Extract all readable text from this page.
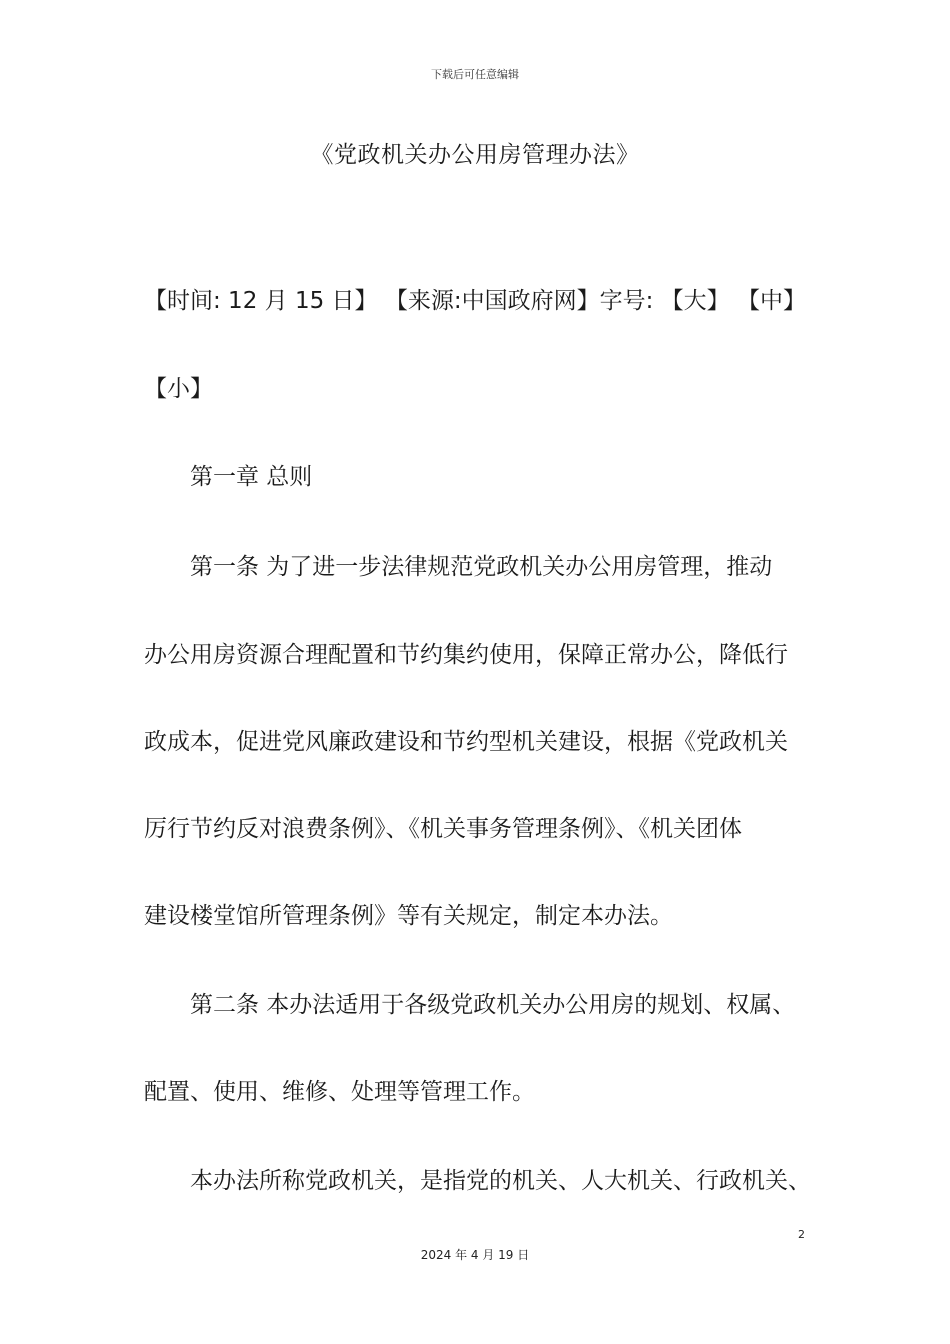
下载后可任意编辑
《党政机关办公用房管理办法》
【时间: 12 月 15 日】 【来源:中国政府网】字号: 【大】 【中】
【小】
第一章 总则
第一条 为了进一步法律规范党政机关办公用房管理，推动
办公用房资源合理配置和节约集约使用，保障正常办公，降低行
政成本，促进党风廉政建设和节约型机关建设，根据《党政机关
厉行节约反对浪费条例》、《机关事务管理条例》、《机关团体
建设楼堂馆所管理条例》等有关规定，制定本办法。
第二条 本办法适用于各级党政机关办公用房的规划、权属、
配置、使用、维修、处理等管理工作。
本办法所称党政机关，是指党的机关、人大机关、行政机关、
2
2024 年 4 月 19 日
